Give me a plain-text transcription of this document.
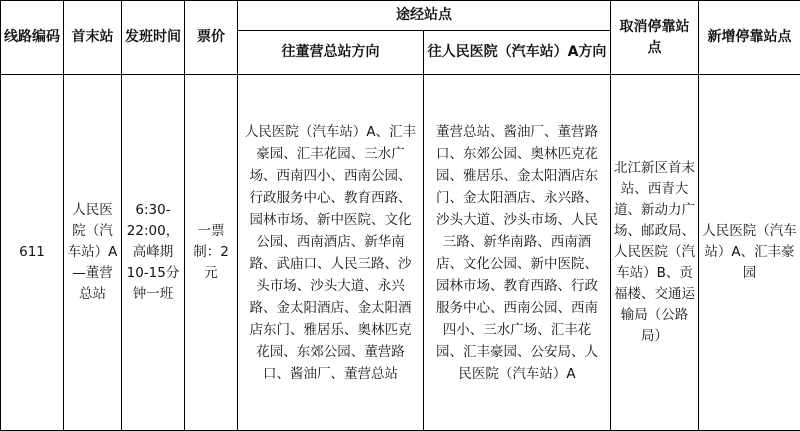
线路编码	首末站	发班时间	票价	途经站点		取消停靠站点	新增停靠站点
				往董营总站方向	往人民医院（汽车站）A方向		
611	人民医院（汽车站）A—董营总站	6:30-22:00，高峰期10-15分钟一班	一票制：2元	人民医院（汽车站）A、汇丰豪园、汇丰花园、三水广场、西南四小、西南公园、行政服务中心、教育西路、园林市场、新中医院、文化公园、西南酒店、新华南路、武庙口、人民三路、沙头市场、沙头大道、永兴路、金太阳酒店、金太阳酒店东门、雅居乐、奥林匹克花园、东郊公园、董营路口、酱油厂、董营总站	董营总站、酱油厂、董营路口、东郊公园、奥林匹克花园、雅居乐、金太阳酒店东门、金太阳酒店、永兴路、沙头大道、沙头市场、人民三路、新华南路、西南酒店、文化公园、新中医院、园林市场、教育西路、行政服务中心、西南公园、西南四小、三水广场、汇丰花园、汇丰豪园、公安局、人民医院（汽车站）A	北江新区首末站、西青大道、新动力广场、邮政局、人民医院（汽车站）B、贡福楼、交通运输局（公路局）	人民医院（汽车站）A、汇丰豪园
